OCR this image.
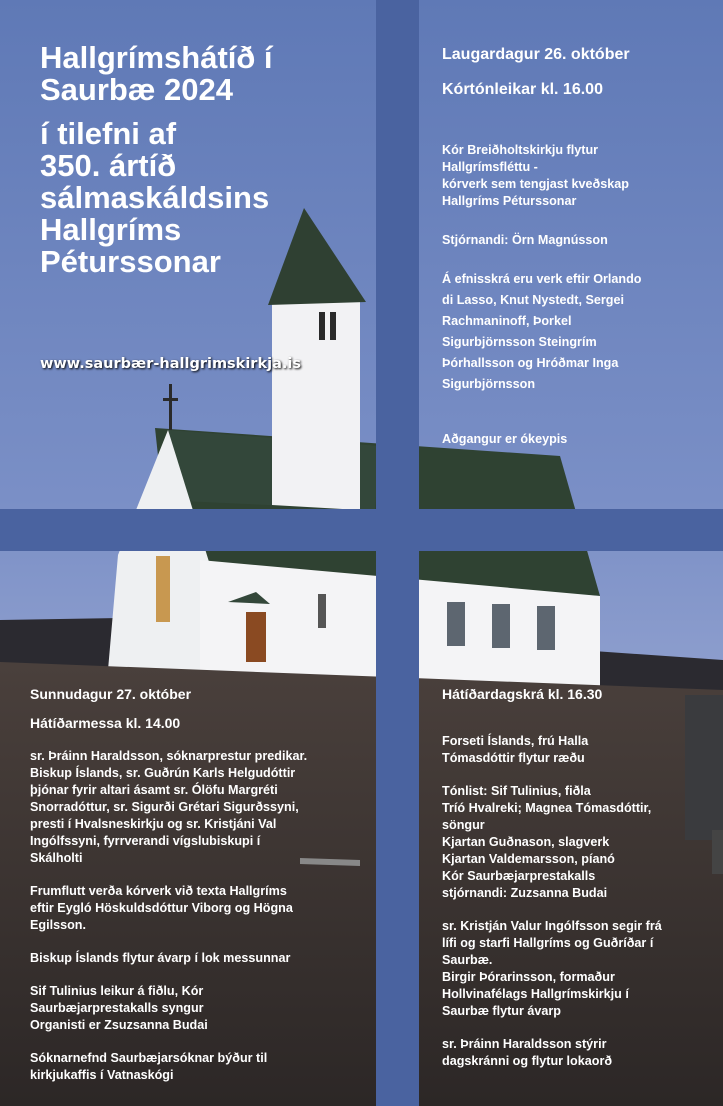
Hallgrímshátíð í
Saurbæ 2024
í tilefni af
350. ártíð
sálmaskáldsins
Hallgríms
Péturssonar
www.saurbær-hallgrimskirkja.is

Laugardagur 26. október

Kórtónleikar kl. 16.00

Kór Breiðholtskirkju flytur
Hallgrímsfléttu -
kórverk sem tengjast kveðskap
Hallgríms Péturssonar

Stjórnandi: Örn Magnússon

Á efnisskrá eru verk eftir Orlando
di Lasso, Knut Nystedt, Sergei
Rachmaninoff, Þorkel
Sigurbjörnsson Steingrím
Þórhallsson og Hróðmar Inga
Sigurbjörnsson

Aðgangur er ókeypis

Sunnudagur 27. október

Hátíðarmessa kl. 14.00

sr. Þráinn Haraldsson, sóknarprestur predikar.
Biskup Íslands, sr. Guðrún Karls Helgudóttir
þjónar fyrir altari ásamt sr. Ólöfu Margréti
Snorradóttur, sr. Sigurði Grétari Sigurðssyni,
presti í Hvalsneskirkju og sr. Kristjáni Val
Ingólfssyni, fyrrverandi vígslubiskupi í
Skálholti

Frumflutt verða kórverk við texta Hallgríms
eftir Eygló Höskuldsdóttur Viborg og Högna
Egilsson.

Biskup Íslands flytur ávarp í lok messunnar

Sif Tulinius leikur á fiðlu, Kór
Saurbæjarprestakalls syngur
Organisti er Zsuzsanna Budai

Sóknarnefnd Saurbæjarsóknar býður til
kirkjukaffis í Vatnaskógi

Hátíðardagskrá kl. 16.30

Forseti Íslands, frú Halla
Tómasdóttir flytur ræðu

Tónlist: Sif Tulinius, fiðla
Tríó Hvalreki; Magnea Tómasdóttir,
söngur
Kjartan Guðnason, slagverk
Kjartan Valdemarsson, píanó
Kór Saurbæjarprestakalls
stjórnandi: Zuzsanna Budai

sr. Kristján Valur Ingólfsson segir frá
lífi og starfi Hallgríms og Guðríðar í
Saurbæ.
Birgir Þórarinsson, formaður
Hollvinafélags Hallgrímskirkju í
Saurbæ flytur ávarp

sr. Þráinn Haraldsson stýrir
dagskránni og flytur lokaorð
